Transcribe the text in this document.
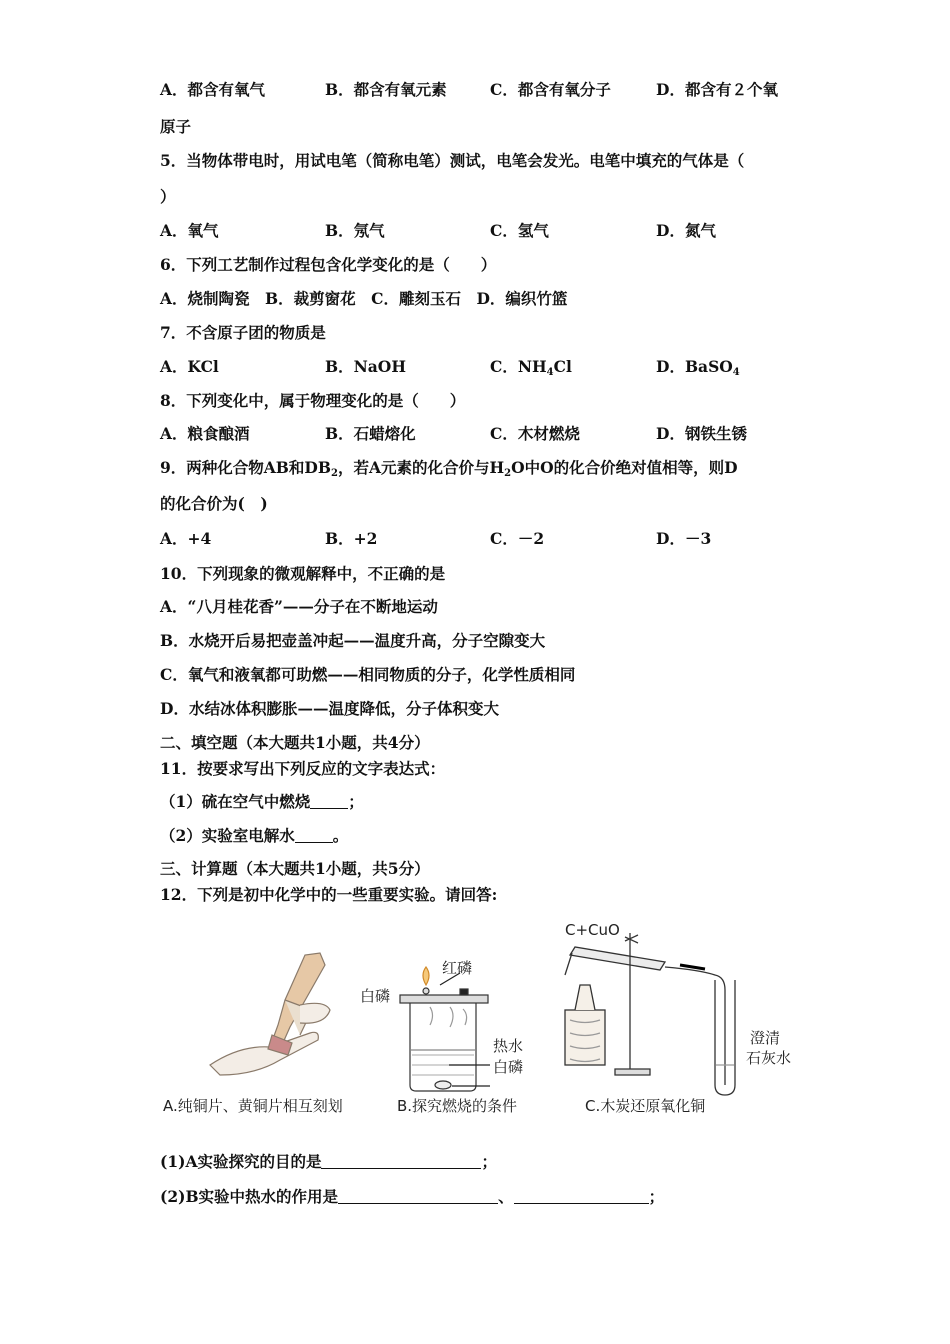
A．都含有氧气	B．都含有氧元素	C．都含有氧分子	D．都含有２个氧
原子
5．当物体带电时，用试电笔（简称电笔）测试，电笔会发光。电笔中填充的气体是（
）
A．氧气	B．氖气	C．氢气	D．氮气
6．下列工艺制作过程包含化学变化的是（　　）
A．烧制陶瓷　B．裁剪窗花　C．雕刻玉石　D．编织竹篮
7．不含原子团的物质是
A．KCl	B．NaOH	C．$NH_4Cl$	D．BaSO$_4$
8．下列变化中，属于物理变化的是（　　）
A．粮食酿酒	B．石蜡熔化	C．木材燃烧	D．钢铁生锈
9．两种化合物AB和$DB_2$，若A元素的化合价与$H_2O$中O的化合价绝对值相等，则D
的化合价为(　)
A．+4	B．+2	C．－2	D．－3
10．下列现象的微观解释中，不正确的是
A．“八月桂花香”——分子在不断地运动
B．水烧开后易把壶盖冲起——温度升高，分子空隙变大
C．氧气和液氧都可助燃——相同物质的分子，化学性质相同
D．水结冰体积膨胀——温度降低，分子体积变大
二、填空题（本大题共1小题，共4分）
11．按要求写出下列反应的文字表达式：
（1）硫在空气中燃烧 ；
（2）实验室电解水 。
三、计算题（本大题共1小题，共5分）
12．下列是初中化学中的一些重要实验。请回答:
白磷
红磷
热水
白磷
C+CuO
澄清
石灰水
A.纯铜片、黄铜片相互刻划	B.探究燃烧的条件	C.木炭还原氧化铜
(1)A实验探究的目的是	；
(2)B实验中热水的作用是	、	；
